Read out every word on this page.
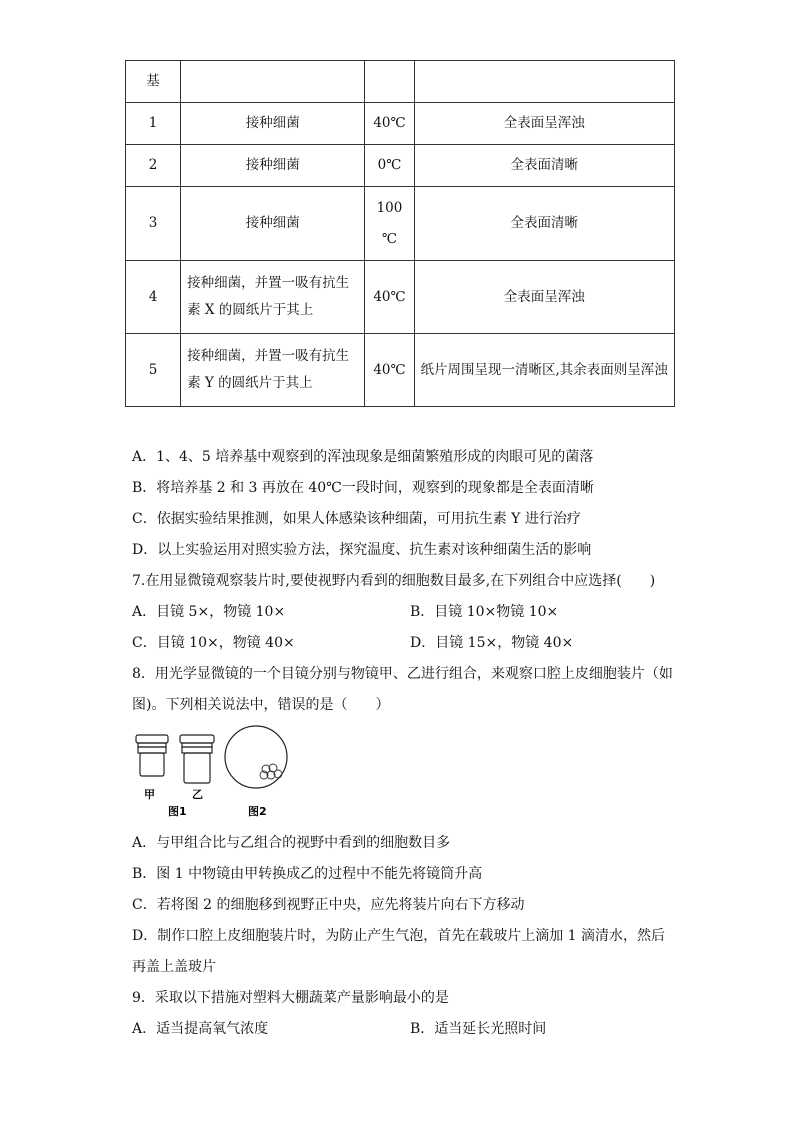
基			
1	接种细菌	40℃	全表面呈浑浊
2	接种细菌	0℃	全表面清晰
3	接种细菌	100 ℃	全表面清晰
4	接种细菌，并置一吸有抗生素 X 的圆纸片于其上	40℃	全表面呈浑浊
5	接种细菌，并置一吸有抗生素 Y 的圆纸片于其上	40℃	纸片周围呈现一清晰区,其余表面则呈浑浊
A．1、4、5 培养基中观察到的浑浊现象是细菌繁殖形成的肉眼可见的菌落
B．将培养基 2 和 3 再放在 40℃一段时间，观察到的现象都是全表面清晰
C．依据实验结果推测，如果人体感染该种细菌，可用抗生素 Y 进行治疗
D．以上实验运用对照实验方法，探究温度、抗生素对该种细菌生活的影响
7.在用显微镜观察装片时,要使视野内看到的细胞数目最多,在下列组合中应选择(　　)
A．目镜 5×，物镜 10×	B．目镜 10×物镜 10×
C．目镜 10×，物镜 40×	D．目镜 15×，物镜 40×
8．用光学显微镜的一个目镜分别与物镜甲、乙进行组合，来观察口腔上皮细胞装片（如
图)。下列相关说法中，错误的是（　　）
甲	乙
图1	图2
A．与甲组合比与乙组合的视野中看到的细胞数目多
B．图 1 中物镜由甲转换成乙的过程中不能先将镜筒升高
C．若将图 2 的细胞移到视野正中央，应先将装片向右下方移动
D．制作口腔上皮细胞装片时，为防止产生气泡，首先在载玻片上滴加 1 滴清水，然后
再盖上盖玻片
9．采取以下措施对塑料大棚蔬菜产量影响最小的是
A．适当提高氧气浓度	B．适当延长光照时间
